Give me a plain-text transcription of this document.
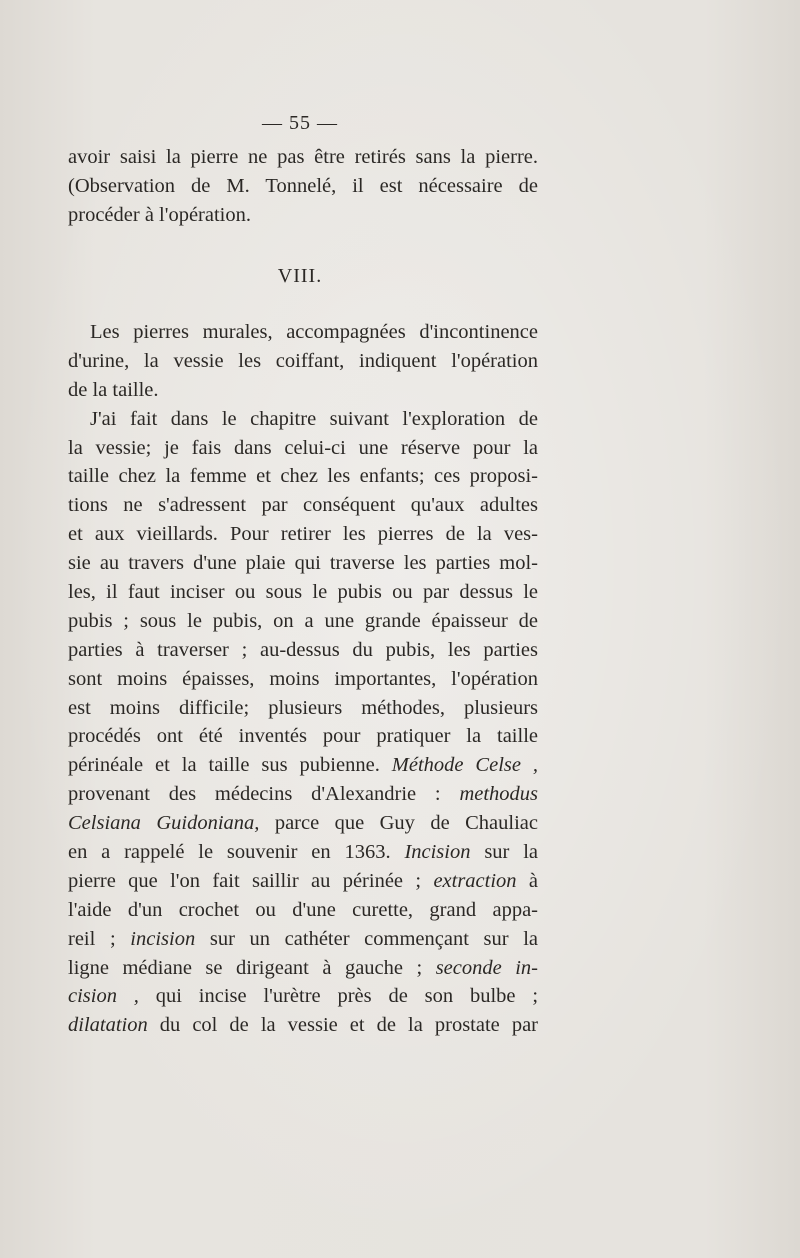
— 55 —
avoir saisi la pierre ne pas être retirés sans la pierre.
(Observation de M. Tonnelé, il est nécessaire de
procéder à l'opération.
VIII.
Les pierres murales, accompagnées d'incontinence
d'urine, la vessie les coiffant, indiquent l'opération
de la taille.
J'ai fait dans le chapitre suivant l'exploration de
la vessie; je fais dans celui-ci une réserve pour la
taille chez la femme et chez les enfants; ces proposi-
tions ne s'adressent par conséquent qu'aux adultes
et aux vieillards. Pour retirer les pierres de la ves-
sie au travers d'une plaie qui traverse les parties mol-
les, il faut inciser ou sous le pubis ou par dessus le
pubis ; sous le pubis, on a une grande épaisseur de
parties à traverser ; au-dessus du pubis, les parties
sont moins épaisses, moins importantes, l'opération
est moins difficile; plusieurs méthodes, plusieurs
procédés ont été inventés pour pratiquer la taille
périnéale et la taille sus pubienne. Méthode Celse ,
provenant des médecins d'Alexandrie : methodus
Celsiana Guidoniana, parce que Guy de Chauliac
en a rappelé le souvenir en 1363. Incision sur la
pierre que l'on fait saillir au périnée ; extraction à
l'aide d'un crochet ou d'une curette, grand appa-
reil ; incision sur un cathéter commençant sur la
ligne médiane se dirigeant à gauche ; seconde in-
cision , qui incise l'urètre près de son bulbe ;
dilatation du col de la vessie et de la prostate par
